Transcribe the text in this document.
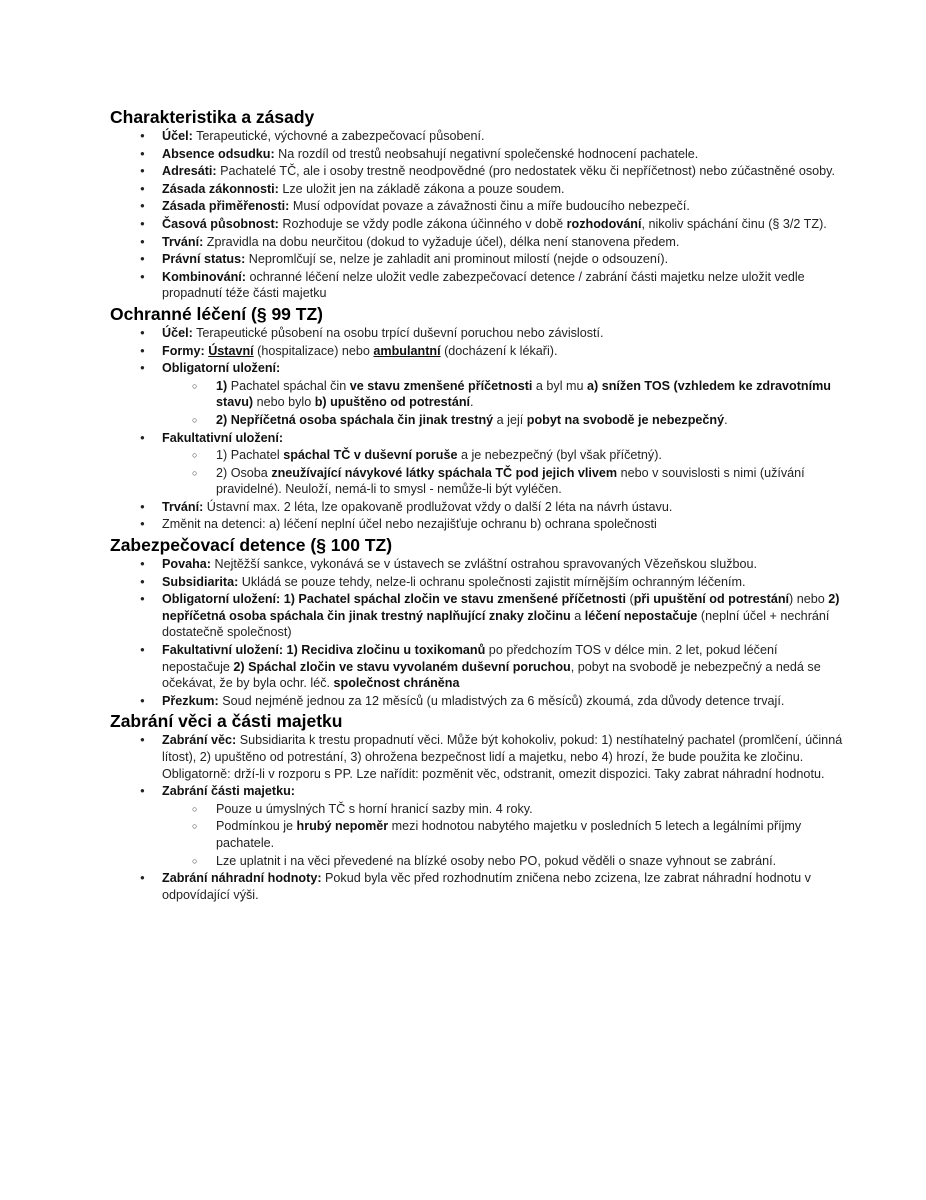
Charakteristika a zásady
● Účel: Terapeutické, výchovné a zabezpečovací působení.
● Absence odsudku: Na rozdíl od trestů neobsahují negativní společenské hodnocení pachatele.
● Adresáti: Pachatelé TČ, ale i osoby trestně neodpovědné (pro nedostatek věku či nepříčetnost) nebo zúčastněné osoby.
● Zásada zákonnosti: Lze uložit jen na základě zákona a pouze soudem.
● Zásada přiměřenosti: Musí odpovídat povaze a závažnosti činu a míře budoucího nebezpečí.
● Časová působnost: Rozhoduje se vždy podle zákona účinného v době rozhodování, nikoliv spáchání činu (§ 3/2 TZ).
● Trvání: Zpravidla na dobu neurčitou (dokud to vyžaduje účel), délka není stanovena předem.
● Právní status: Nepromlčují se, nelze je zahladit ani prominout milostí (nejde o odsouzení).
● Kombinování: ochranné léčení nelze uložit vedle zabezpečovací detence / zabrání části majetku nelze uložit vedle propadnutí téže části majetku
Ochranné léčení (§ 99 TZ)
● Účel: Terapeutické působení na osobu trpící duševní poruchou nebo závislostí.
● Formy: Ústavní (hospitalizace) nebo ambulantní (docházení k lékaři).
● Obligatorní uložení:
○ 1) Pachatel spáchal čin ve stavu zmenšené příčetnosti a byl mu a) snížen TOS (vzhledem ke zdravotnímu stavu) nebo bylo b) upuštěno od potrestání.
○ 2) Nepříčetná osoba spáchala čin jinak trestný a její pobyt na svobodě je nebezpečný.
● Fakultativní uložení:
○ 1) Pachatel spáchal TČ v duševní poruše a je nebezpečný (byl však příčetný).
○ 2) Osoba zneužívající návykové látky spáchala TČ pod jejich vlivem nebo v souvislosti s nimi (užívání pravidelné). Neuloží, nemá-li to smysl - nemůže-li být vyléčen.
● Trvání: Ústavní max. 2 léta, lze opakovaně prodlužovat vždy o další 2 léta na návrh ústavu.
● Změnit na detenci: a) léčení neplní účel nebo nezajišťuje ochranu b) ochrana společnosti
Zabezpečovací detence (§ 100 TZ)
● Povaha: Nejtěžší sankce, vykonává se v ústavech se zvláštní ostrahou spravovaných Vězeňskou službou.
● Subsidiarita: Ukládá se pouze tehdy, nelze-li ochranu společnosti zajistit mírnějším ochranným léčením.
● Obligatorní uložení: 1) Pachatel spáchal zločin ve stavu zmenšené příčetnosti (při upuštění od potrestání) nebo 2) nepříčetná osoba spáchala čin jinak trestný naplňující znaky zločinu a léčení nepostačuje (neplní účel + nechrání dostatečně společnost)
● Fakultativní uložení: 1) Recidiva zločinu u toxikomanů po předchozím TOS v délce min. 2 let, pokud léčení nepostačuje 2) Spáchal zločin ve stavu vyvolaném duševní poruchou, pobyt na svobodě je nebezpečný a nedá se očekávat, že by byla ochr. léč. společnost chráněna
● Přezkum: Soud nejméně jednou za 12 měsíců (u mladistvých za 6 měsíců) zkoumá, zda důvody detence trvají.
Zabrání věci a části majetku
● Zabrání věc: Subsidiarita k trestu propadnutí věci. Může být kohokoliv, pokud: 1) nestíhatelný pachatel (promlčení, účinná lítost), 2) upuštěno od potrestání, 3) ohrožena bezpečnost lidí a majetku, nebo 4) hrozí, že bude použita ke zločinu. Obligatorně: drží-li v rozporu s PP. Lze nařídit: pozměnit věc, odstranit, omezit dispozici. Taky zabrat náhradní hodnotu.
● Zabrání části majetku:
○ Pouze u úmyslných TČ s horní hranicí sazby min. 4 roky.
○ Podmínkou je hrubý nepoměr mezi hodnotou nabytého majetku v posledních 5 letech a legálními příjmy pachatele.
○ Lze uplatnit i na věci převedené na blízké osoby nebo PO, pokud věděli o snaze vyhnout se zabrání.
● Zabrání náhradní hodnoty: Pokud byla věc před rozhodnutím zničena nebo zcizena, lze zabrat náhradní hodnotu v odpovídající výši.
